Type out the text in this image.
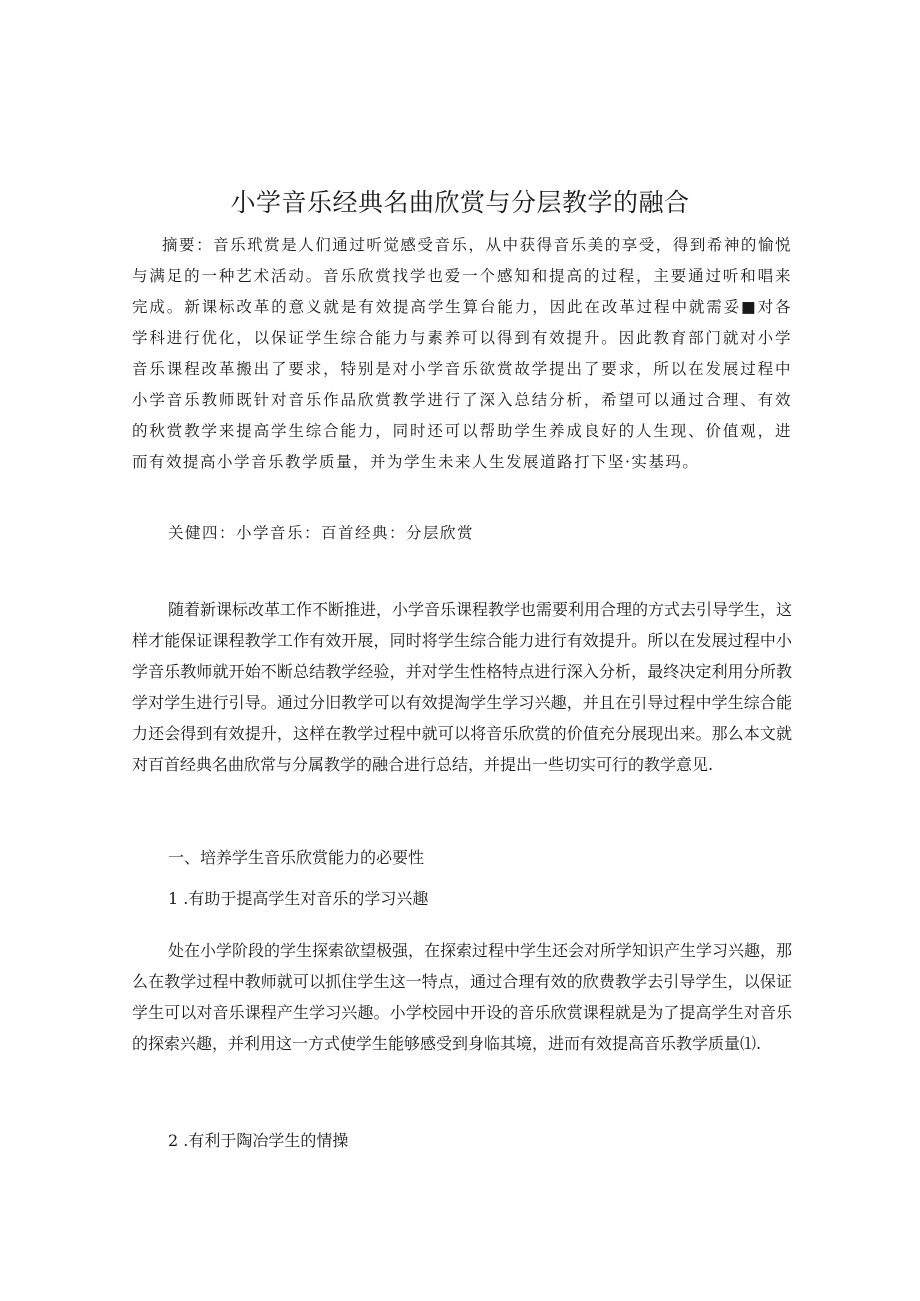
小学音乐经典名曲欣赏与分层教学的融合

摘要：音乐玳赏是人们通过听觉感受音乐，从中获得音乐美的享受，得到希神的愉悦与满足的一种艺术活动。音乐欣赏找学也爱一个感知和提高的过程，主要通过听和唱来完成。新课标改革的意义就是有效提高学生算台能力，因此在改革过程中就需妥■对各学科进行优化，以保证学生综合能力与素养可以得到有效提升。因此教育部门就对小学音乐课程改革搬出了要求，特别是对小学音乐欲赏故学提出了要求，所以在发展过程中小学音乐教师既针对音乐作品欣赏教学进行了深入总结分析，希望可以通过合理、有效的秋赏教学来提高学生综合能力，同时还可以帮助学生养成良好的人生现、价值观，进而有效提高小学音乐教学质量，并为学生未来人生发展道路打下坚·实基玛。

关健四：小学音乐：百首经典：分层欣赏

随着新课标改革工作不断推进，小学音乐课程教学也需要利用合理的方式去引导学生，这样才能保证课程教学工作有效开展，同时将学生综合能力进行有效提升。所以在发展过程中小学音乐教师就开始不断总结教学经验，并对学生性格特点进行深入分析，最终决定利用分所教学对学生进行引导。通过分旧教学可以有效提淘学生学习兴趣，并且在引导过程中学生综合能力还会得到有效提升，这样在教学过程中就可以将音乐欣赏的价值充分展现出来。那么本文就对百首经典名曲欣常与分属教学的融合进行总结，并提出一些切实可行的教学意见.

一、培养学生音乐欣赏能力的必要性

1 .有助于提高学生对音乐的学习兴趣

处在小学阶段的学生探索欲望极强，在探索过程中学生还会对所学知识产生学习兴趣，那么在教学过程中教师就可以抓住学生这一特点，通过合理有效的欣费教学去引导学生，以保证学生可以对音乐课程产生学习兴趣。小学校园中开设的音乐欣赏课程就是为了提高学生对音乐的探索兴趣，并利用这一方式使学生能够感受到身临其境，进而有效提高音乐教学质量⑴.

2 .有利于陶冶学生的情操
